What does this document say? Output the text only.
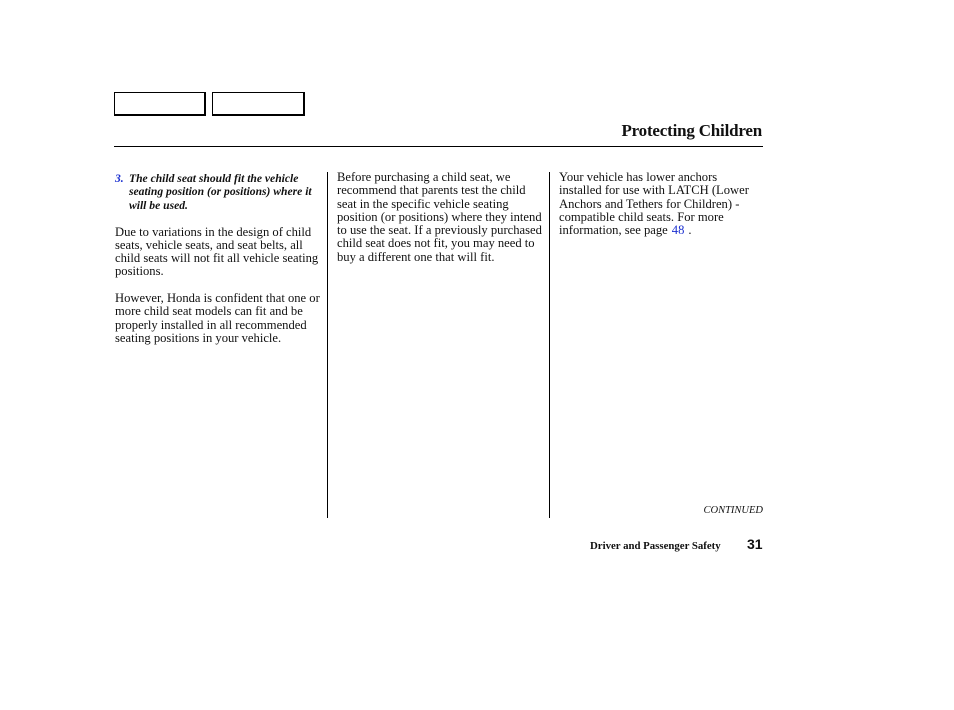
Protecting Children
3. The child seat should fit the vehicle seating position (or positions) where it will be used.

Due to variations in the design of child seats, vehicle seats, and seat belts, all child seats will not fit all vehicle seating positions.

However, Honda is confident that one or more child seat models can fit and be properly installed in all recommended seating positions in your vehicle.

Before purchasing a child seat, we recommend that parents test the child seat in the specific vehicle seating position (or positions) where they intend to use the seat. If a previously purchased child seat does not fit, you may need to buy a different one that will fit.

Your vehicle has lower anchors installed for use with LATCH (Lower Anchors and Tethers for Children) - compatible child seats. For more information, see page 48 .

CONTINUED
Driver and Passenger Safety 31
